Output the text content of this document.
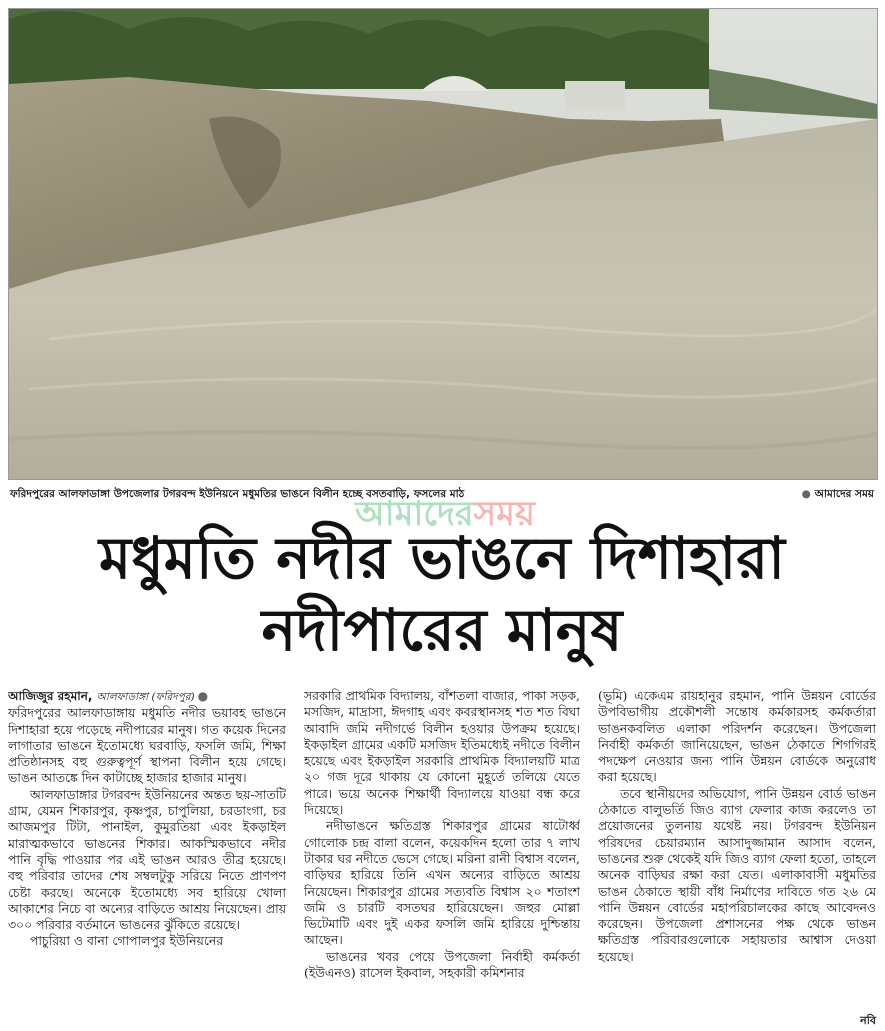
ফরিদপুরের আলফাডাঙ্গা উপজেলার টগরবন্দ ইউনিয়নে মধুমতির ভাঙনে বিলীন হচ্ছে বসতবাড়ি, ফসলের মাঠ	● আমাদের সময়
আমাদেরসময়
মধুমতি নদীর ভাঙনে দিশাহারা
নদীপারের মানুষ

আজিজুর রহমান, আলফাডাঙ্গা (ফরিদপুর) ●

ফরিদপুরের আলফাডাঙ্গায় মধুমতি নদীর ভয়াবহ ভাঙনে দিশাহারা হয়ে পড়েছে নদীপারের মানুষ। গত কয়েক দিনের লাগাতার ভাঙনে ইতোমধ্যে ঘরবাড়ি, ফসলি জমি, শিক্ষা প্রতিষ্ঠানসহ বহু গুরুত্বপূর্ণ স্থাপনা বিলীন হয়ে গেছে। ভাঙন আতঙ্কে দিন কাটাচ্ছে হাজার হাজার মানুষ।

আলফাডাঙ্গার টগরবন্দ ইউনিয়নের অন্তত ছয়-সাতটি গ্রাম, যেমন শিকারপুর, কৃষ্ণপুর, চাপুলিয়া, চরডাংগা, চর আজমপুর টিটা, পানাইল, কুমুরতিয়া এবং ইকড়াইল মারাত্মকভাবে ভাঙনের শিকার। আকস্মিকভাবে নদীর পানি বৃদ্ধি পাওয়ার পর এই ভাঙন আরও তীব্র হয়েছে। বহু পরিবার তাদের শেষ সম্বলটুকু সরিয়ে নিতে প্রাণপণ চেষ্টা করছে। অনেকে ইতোমধ্যে সব হারিয়ে খোলা আকাশের নিচে বা অন্যের বাড়িতে আশ্রয় নিয়েছেন। প্রায় ৩০০ পরিবার বর্তমানে ভাঙনের ঝুঁকিতে রয়েছে।

পাচুরিয়া ও বানা গোপালপুর ইউনিয়নের

সরকারি প্রাথমিক বিদ্যালয়, বাঁশতলা বাজার, পাকা সড়ক, মসজিদ, মাদ্রাসা, ঈদগাহ এবং কবরস্থানসহ শত শত বিঘা আবাদি জমি নদীগর্ভে বিলীন হওয়ার উপক্রম হয়েছে। ইকড়াইল গ্রামের একটি মসজিদ ইতিমধ্যেই নদীতে বিলীন হয়েছে এবং ইকড়াইল সরকারি প্রাথমিক বিদ্যালয়টি মাত্র ২০ গজ দূরে থাকায় যে কোনো মুহূর্তে তলিয়ে যেতে পারে। ভয়ে অনেক শিক্ষার্থী বিদ্যালয়ে যাওয়া বন্ধ করে দিয়েছে।

নদীভাঙনে ক্ষতিগ্রস্ত শিকারপুর গ্রামের ষাটোর্ধ্ব গোলোক চন্দ্র বালা বলেন, কয়েকদিন হলো তার ৭ লাখ টাকার ঘর নদীতে ভেসে গেছে। মরিনা রানী বিশ্বাস বলেন, বাড়িঘর হারিয়ে তিনি এখন অন্যের বাড়িতে আশ্রয় নিয়েছেন। শিকারপুর গ্রামের সত্যবতি বিশ্বাস ২০ শতাংশ জমি ও চারটি বসতঘর হারিয়েছেন। জহুর মোল্লা ভিটেমাটি এবং দুই একর ফসলি জমি হারিয়ে দুশ্চিন্তায় আছেন।

ভাঙনের খবর পেয়ে উপজেলা নির্বাহী কর্মকর্তা (ইউএনও) রাসেল ইকবাল, সহকারী কমিশনার

(ভূমি) একেএম রায়হানুর রহমান, পানি উন্নয়ন বোর্ডের উপবিভাগীয় প্রকৌশলী সন্তোষ কর্মকারসহ কর্মকর্তারা ভাঙনকবলিত এলাকা পরিদর্শন করেছেন। উপজেলা নির্বাহী কর্মকর্তা জানিয়েছেন, ভাঙন ঠেকাতে শিগগিরই পদক্ষেপ নেওয়ার জন্য পানি উন্নয়ন বোর্ডকে অনুরোধ করা হয়েছে।

তবে স্থানীয়দের অভিযোগ, পানি উন্নয়ন বোর্ড ভাঙন ঠেকাতে বালুভর্তি জিও ব্যাগ ফেলার কাজ করলেও তা প্রয়োজনের তুলনায় যথেষ্ট নয়। টগরবন্দ ইউনিয়ন পরিষদের চেয়ারম্যান আসাদুজ্জামান আসাদ বলেন, ভাঙনের শুরু থেকেই যদি জিও ব্যাগ ফেলা হতো, তাহলে অনেক বাড়িঘর রক্ষা করা যেত। এলাকাবাসী মধুমতির ভাঙন ঠেকাতে স্থায়ী বাঁধ নির্মাণের দাবিতে গত ২৬ মে পানি উন্নয়ন বোর্ডের মহাপরিচালকের কাছে আবেদনও করেছেন। উপজেলা প্রশাসনের পক্ষ থেকে ভাঙন ক্ষতিগ্রস্ত পরিবারগুলোকে সহায়তার আশ্বাস দেওয়া হয়েছে।

নবি
